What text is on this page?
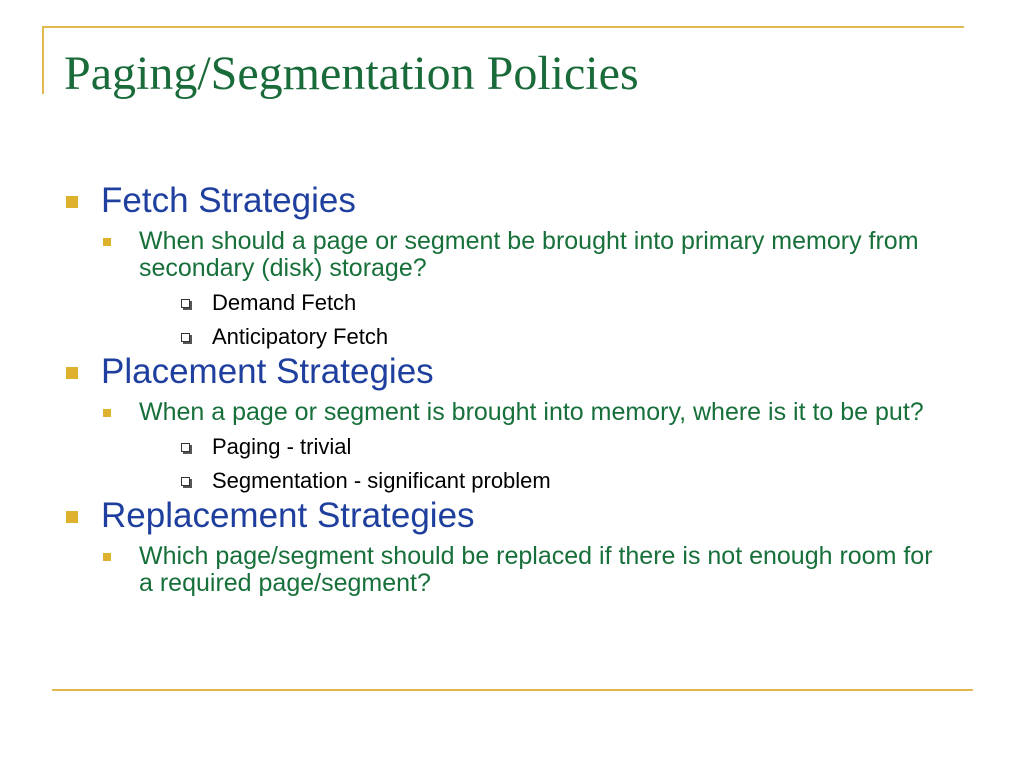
Paging/Segmentation Policies
Fetch Strategies
When should a page or segment be brought into primary memory from secondary (disk) storage?
Demand Fetch
Anticipatory Fetch
Placement Strategies
When a page or segment is brought into memory, where is it to be put?
Paging - trivial
Segmentation - significant problem
Replacement Strategies
Which page/segment should be replaced if there is not enough room for a required page/segment?
